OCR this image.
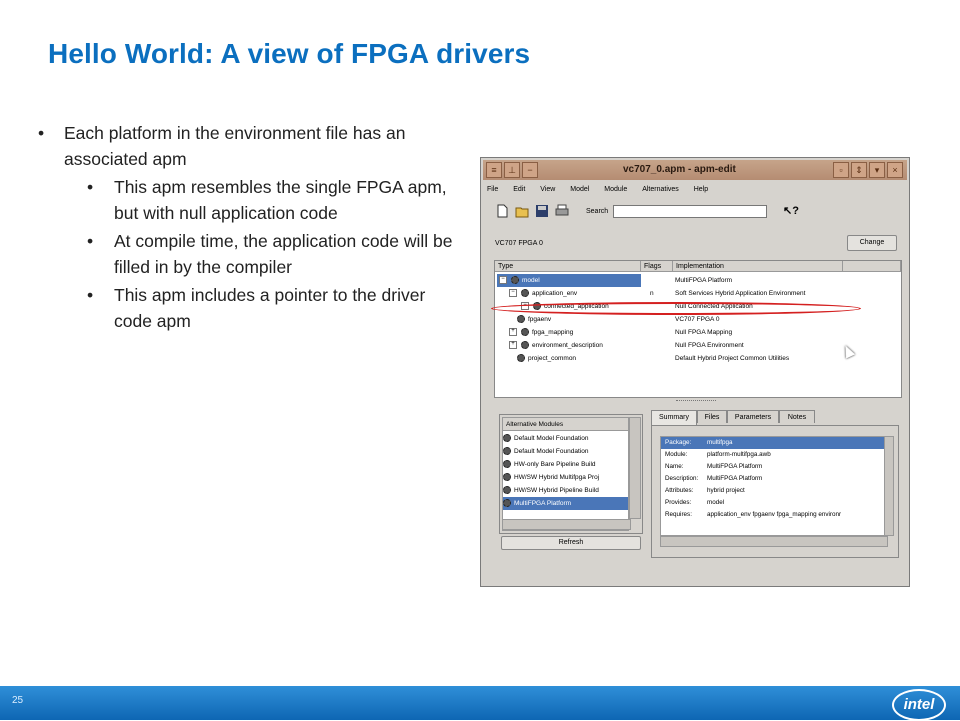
Hello World: A view of FPGA drivers
• Each platform in the environment file has an associated apm
• This apm resembles the single FPGA apm, but with null application code
• At compile time, the application code will be filled in by the compiler
• This apm includes a pointer to the driver code apm
≡	⊥	−	vc707_0.apm - apm-edit	▫	⇕	▾	×
File Edit View Model Module Alternatives Help
Search	↖?
VC707 FPGA 0	Change
Type	Flags	Implementation
−	model	MultiFPGA Platform
−	application_env	n	Soft Services Hybrid Application Environment
−	connected_application	Null Connected Application
fpgaenv	VC707 FPGA 0
+	fpga_mapping	Null FPGA Mapping
+	environment_description	Null FPGA Environment
project_common	Default Hybrid Project Common Utilities
Alternative Modules
Default Model Foundation
Default Model Foundation
HW-only Bare Pipeline Build
HW/SW Hybrid Multifpga Proj
HW/SW Hybrid Pipeline Build
MultiFPGA Platform
Refresh
Summary	Files	Parameters	Notes
Package: multifpga
Module:	platform-multifpga.awb
Name:	MultiFPGA Platform
Description: MultiFPGA Platform
Attributes: hybrid project
Provides:	model
Requires: application_env fpgaenv fpga_mapping environr
25	intel
